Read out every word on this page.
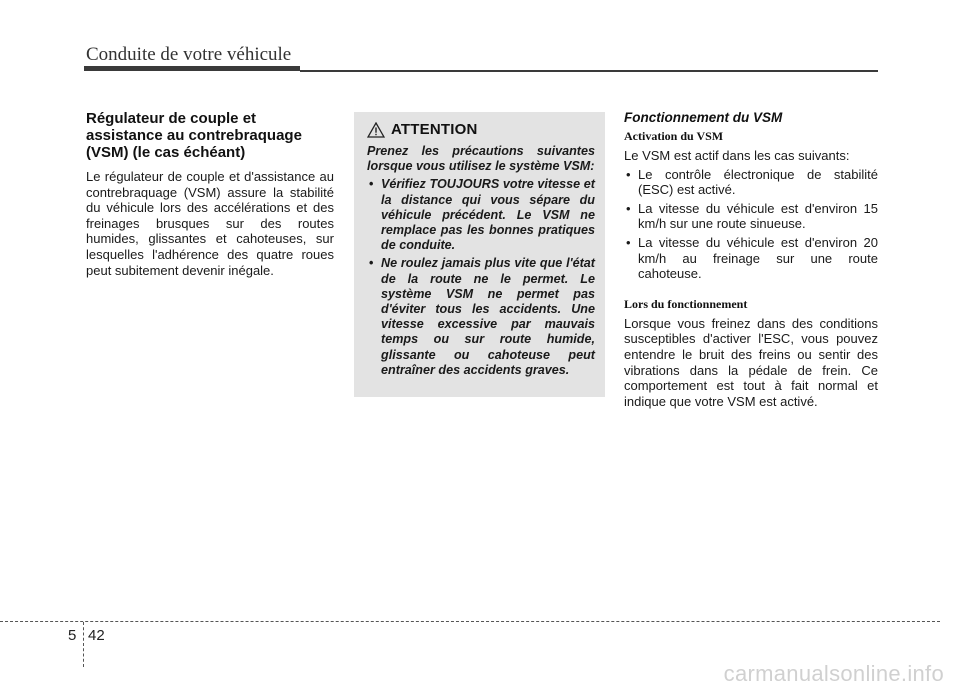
Conduite de votre véhicule
Régulateur de couple et assistance au contrebraquage (VSM) (le cas échéant)

Le régulateur de couple et d'assistance au contrebraquage (VSM) assure la stabilité du véhicule lors des accélérations et des freinages brusques sur des routes humides, glissantes et cahoteuses, sur lesquelles l'adhérence des quatre roues peut subitement devenir inégale.

ATTENTION

Prenez les précautions suivantes lorsque vous utilisez le système VSM:

• Vérifiez TOUJOURS votre vitesse et la distance qui vous sépare du véhicule précédent. Le VSM ne remplace pas les bonnes pratiques de conduite.
• Ne roulez jamais plus vite que l'état de la route ne le permet. Le système VSM ne permet pas d'éviter tous les accidents. Une vitesse excessive par mauvais temps ou sur route humide, glissante ou cahoteuse peut entraîner des accidents graves.
Fonctionnement du VSM
Activation du VSM

Le VSM est actif dans les cas suivants:

• Le contrôle électronique de stabilité (ESC) est activé.
• La vitesse du véhicule est d'environ 15 km/h sur une route sinueuse.
• La vitesse du véhicule est d'environ 20 km/h au freinage sur une route cahoteuse.
Lors du fonctionnement

Lorsque vous freinez dans des conditions susceptibles d'activer l'ESC, vous pouvez entendre le bruit des freins ou sentir des vibrations dans la pédale de frein. Ce comportement est tout à fait normal et indique que votre VSM est activé.

5 42
carmanualsonline.info
